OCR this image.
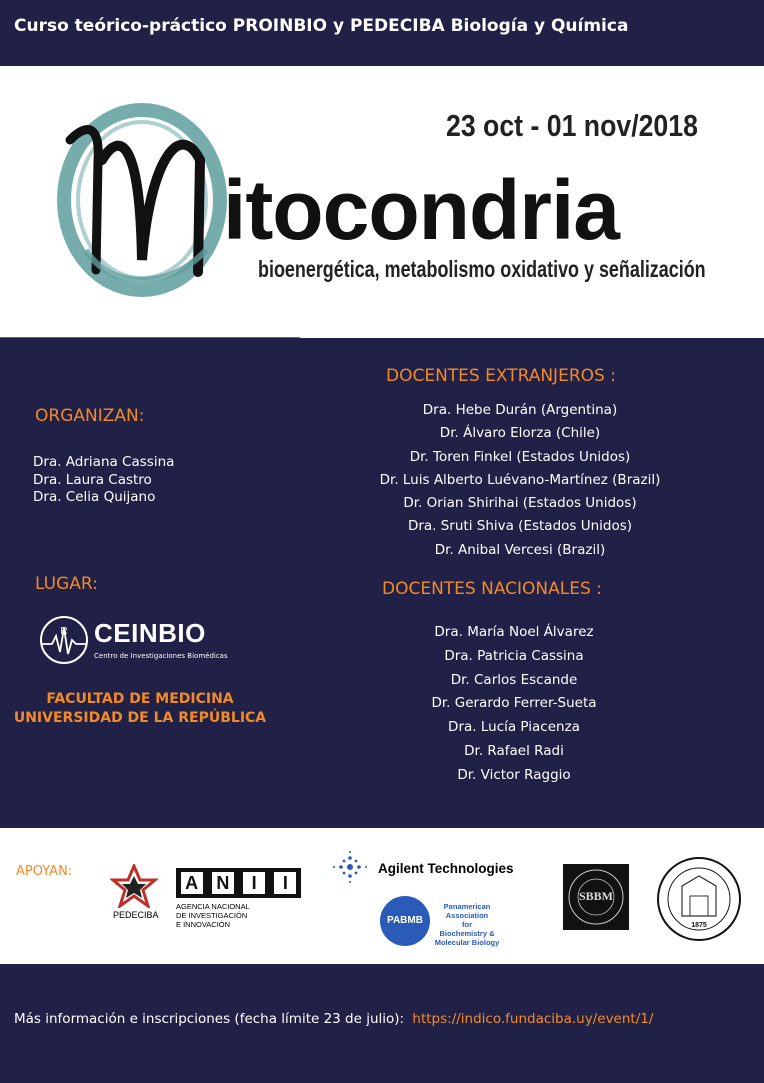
Curso teórico-práctico PROINBIO y PEDECIBA Biología y Química
23 oct - 01 nov/2018
itocondria
bioenergética, metabolismo oxidativo y señalización
ORGANIZAN:
Dra. Adriana Cassina
Dra. Laura Castro
Dra. Celia Quijano
LUGAR:
R CEINBIO
Centro de Investigaciones Biomédicas
FACULTAD DE MEDICINA
UNIVERSIDAD DE LA REPÚBLICA
DOCENTES EXTRANJEROS :
Dra. Hebe Durán (Argentina)
Dr. Álvaro Elorza (Chile)
Dr. Toren Finkel (Estados Unidos)
Dr. Luis Alberto Luévano-Martínez (Brazil)
Dr. Orian Shirihai (Estados Unidos)
Dra. Sruti Shiva (Estados Unidos)
Dr. Anibal Vercesi (Brazil)
DOCENTES NACIONALES :
Dra. María Noel Álvarez
Dra. Patricia Cassina
Dr. Carlos Escande
Dr. Gerardo Ferrer-Sueta
Dra. Lucía Piacenza
Dr. Rafael Radi
Dr. Victor Raggio
APOYAN:
PEDECIBA
A N	I	I
AGENCIA NACIONAL
DE INVESTIGACIÓN
E INNOVACIÓN
Agilent Technologies
PABMB
Panamerican
Association
for
Biochemistry &
Molecular Biology
SBBM
1875
Más información e inscripciones (fecha límite 23 de julio): https://indico.fundaciba.uy/event/1/
